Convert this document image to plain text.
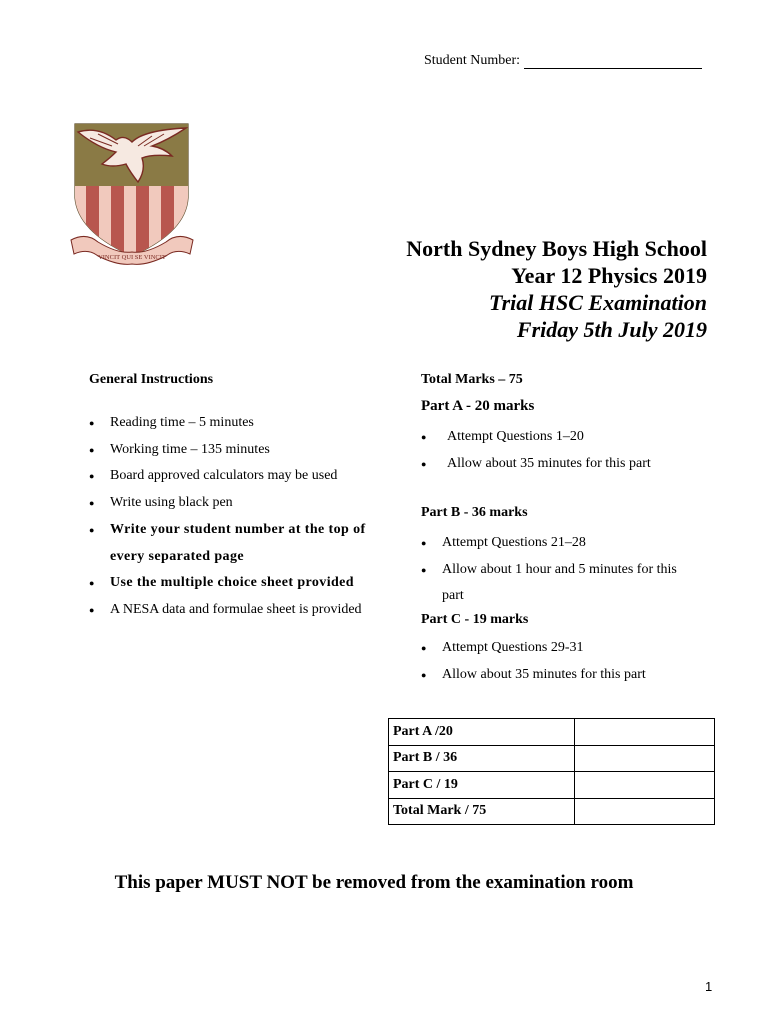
Student Number:
VINCIT QUI SE VINCIT	North Sydney Boys High School
Year 12 Physics 2019
Trial HSC Examination
Friday 5th July 2019
General Instructions
● Reading time – 5 minutes
● Working time – 135 minutes
● Board approved calculators may be used
● Write using black pen
● Write your student number at the top of every separated page
● Use the multiple choice sheet provided
● A NESA data and formulae sheet is provided
Total Marks – 75
Part A - 20 marks
● Attempt Questions 1–20
● Allow about 35 minutes for this part
Part B - 36 marks
● Attempt Questions 21–28
● Allow about 1 hour and 5 minutes for this part
Part C - 19 marks
● Attempt Questions 29-31
● Allow about 35 minutes for this part
Part A /20	
Part B / 36	
Part C / 19	
Total Mark / 75	
This paper MUST NOT be removed from the examination room
1
